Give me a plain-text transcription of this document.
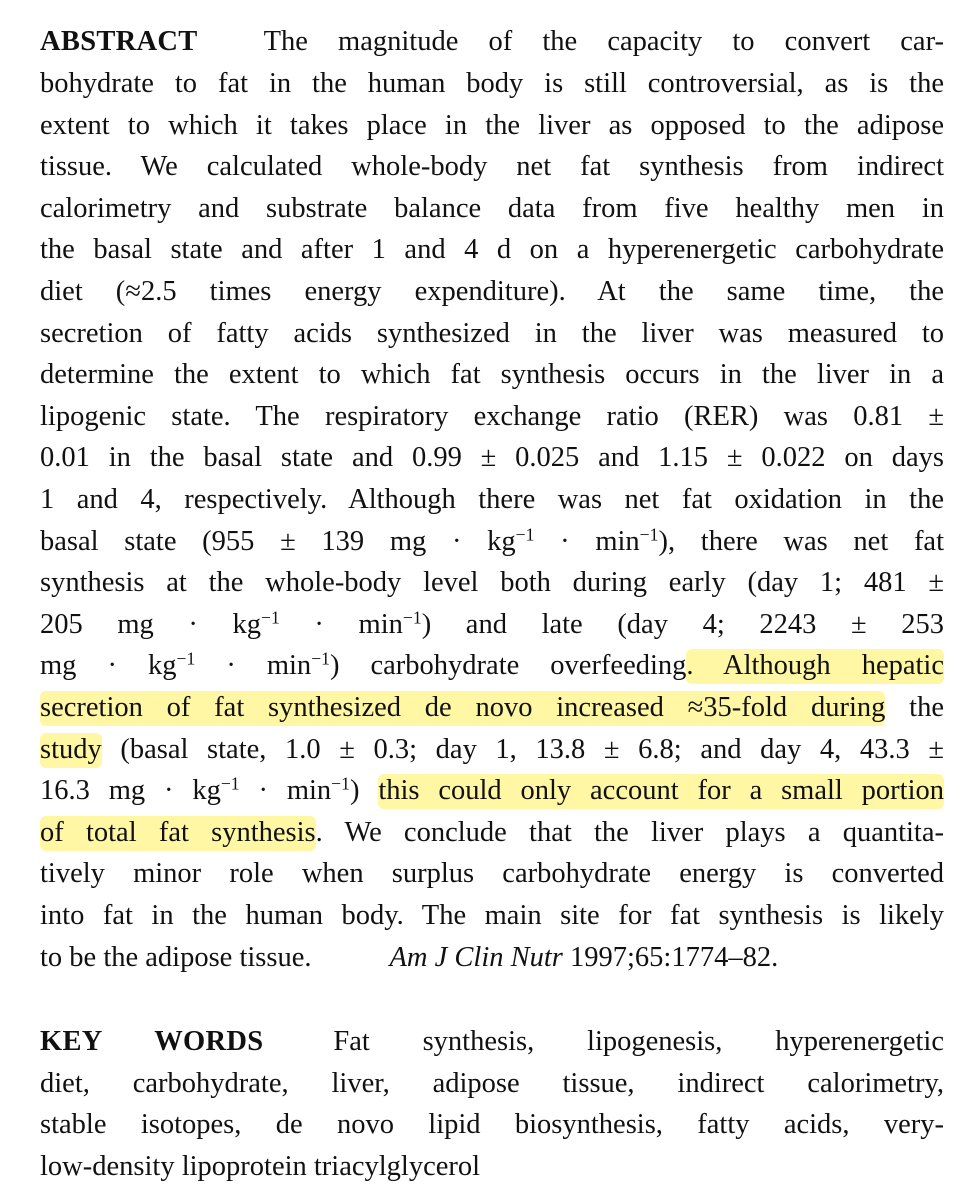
ABSTRACT The magnitude of the capacity to convert car-
bohydrate to fat in the human body is still controversial, as is the
extent to which it takes place in the liver as opposed to the adipose
tissue. We calculated whole-body net fat synthesis from indirect
calorimetry and substrate balance data from five healthy men in
the basal state and after 1 and 4 d on a hyperenergetic carbohydrate
diet (≈2.5 times energy expenditure). At the same time, the
secretion of fatty acids synthesized in the liver was measured to
determine the extent to which fat synthesis occurs in the liver in a
lipogenic state. The respiratory exchange ratio (RER) was 0.81 ±
0.01 in the basal state and 0.99 ± 0.025 and 1.15 ± 0.022 on days
1 and 4, respectively. Although there was net fat oxidation in the
basal state (955 ± 139 mg · $kg^{-1} \cdot \min^{-1}$), there was net fat
synthesis at the whole-body level both during early (day 1; 481 ±
205 mg · $kg^{-1} \cdot \min^{-1}$) and late (day 4; 2243 ± 253
mg · $kg^{-1} \cdot \min^{-1}$) carbohydrate overfeeding. Although hepatic
secretion of fat synthesized de novo increased ≈35-fold during the
study (basal state, 1.0 ± 0.3; day 1, 13.8 ± 6.8; and day 4, 43.3 ±
16.3 mg · $kg^{-1} \cdot \min^{-1}$) this could only account for a small portion
of total fat synthesis. We conclude that the liver plays a quantita-
tively minor role when surplus carbohydrate energy is converted
into fat in the human body. The main site for fat synthesis is likely
to be the adipose tissue.	Am J Clin Nutr 1997;65:1774–82.
KEY WORDS Fat synthesis, lipogenesis, hyperenergetic
diet, carbohydrate, liver, adipose tissue, indirect calorimetry,
stable isotopes, de novo lipid biosynthesis, fatty acids, very-
low-density lipoprotein triacylglycerol
